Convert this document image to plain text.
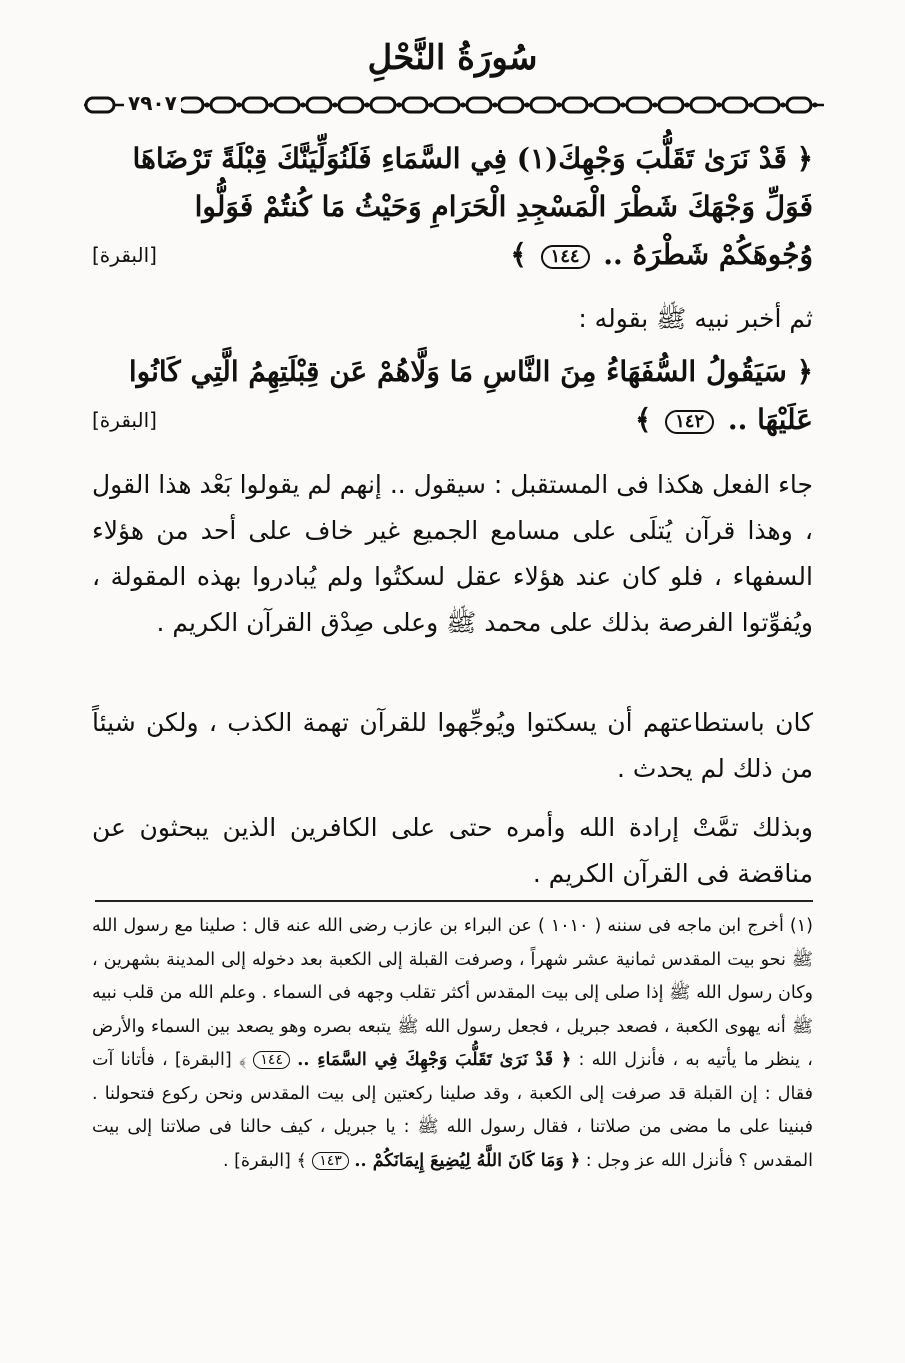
سُورَةُ النَّحْلِ
٧٩٠٧
﴿ قَدْ نَرَىٰ تَقَلُّبَ وَجْهِكَ(١) فِي السَّمَاءِ فَلَنُوَلِّيَنَّكَ قِبْلَةً تَرْضَاهَا فَوَلِّ وَجْهَكَ شَطْرَ الْمَسْجِدِ الْحَرَامِ وَحَيْثُ مَا كُنتُمْ فَوَلُّوا وُجُوهَكُمْ شَطْرَهُ .. ١٤٤ ﴾
[البقرة]
ثم أخبر نبيه ﷺ بقوله :
﴿ سَيَقُولُ السُّفَهَاءُ مِنَ النَّاسِ مَا وَلَّاهُمْ عَن قِبْلَتِهِمُ الَّتِي كَانُوا عَلَيْهَا .. ١٤٢ ﴾
[البقرة]
جاء الفعل هكذا فى المستقبل : سيقول .. إنهم لم يقولوا بَعْد هذا القول ، وهذا قرآن يُتلَى على مسامع الجميع غير خاف على أحد من هؤلاء السفهاء ، فلو كان عند هؤلاء عقل لسكتُوا ولم يُبادروا بهذه المقولة ، ويُفوِّتوا الفرصة بذلك على محمد ﷺ وعلى صِدْق القرآن الكريم .
كان باستطاعتهم أن يسكتوا ويُوجِّهوا للقرآن تهمة الكذب ، ولكن شيئاً من ذلك لم يحدث .
وبذلك تمَّتْ إرادة الله وأمره حتى على الكافرين الذين يبحثون عن مناقضة فى القرآن الكريم .
(١) أخرج ابن ماجه فى سننه ( ١٠١٠ ) عن البراء بن عازب رضى الله عنه قال : صلينا مع رسول الله ﷺ نحو بيت المقدس ثمانية عشر شهراً ، وصرفت القبلة إلى الكعبة بعد دخوله إلى المدينة بشهرين ، وكان رسول الله ﷺ إذا صلى إلى بيت المقدس أكثر تقلب وجهه فى السماء . وعلم الله من قلب نبيه ﷺ أنه يهوى الكعبة ، فصعد جبريل ، فجعل رسول الله ﷺ يتبعه بصره وهو يصعد بين السماء والأرض ، ينظر ما يأتيه به ، فأنزل الله : ﴿ قَدْ نَرَىٰ تَقَلُّبَ وَجْهِكَ فِي السَّمَاءِ .. ١٤٤ ﴾ [البقرة] ، فأتانا آت فقال : إن القبلة قد صرفت إلى الكعبة ، وقد صلينا ركعتين إلى بيت المقدس ونحن ركوع فتحولنا . فبنينا على ما مضى من صلاتنا ، فقال رسول الله ﷺ : يا جبريل ، كيف حالنا فى صلاتنا إلى بيت المقدس ؟ فأنزل الله عز وجل : ﴿ وَمَا كَانَ اللَّهُ لِيُضِيعَ إِيمَانَكُمْ .. ١٤٣ ﴾ [البقرة] .
